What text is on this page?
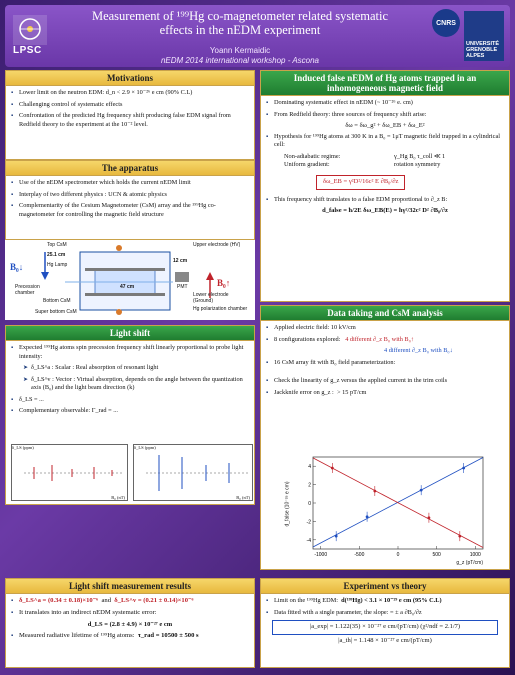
LPSC
Measurement of ¹⁹⁹Hg co-magnetometer related systematic effects in the nEDM experiment
Yoann Kermaidic
nEDM 2014 international workshop - Ascona
CNRS
UNIVERSITÉ GRENOBLE ALPES
Motivations
▪ Lower limit on the neutron EDM: d_n < 2.9 × 10⁻²⁶ e cm (90% C.L)
▪ Challenging control of systematic effects
▪ Confrontation of the predicted Hg frequency shift producing false EDM signal from Redfield theory to the experiment at the 10⁻² level.
The apparatus
▪ Use of the nEDM spectrometer which holds the current nEDM limit
▪ Interplay of two different physics : UCN & atomic physics
▪ Complementarity of the Cesium Magnetometer (CsM) array and the ¹⁹⁹Hg co-magnetometer for controlling the magnetic field structure
Top CsM
25.1 cm
Hg Lamp
Precession chamber
Bottom CsM
Super bottom CsM
47 cm
12 cm
Upper electrode (HV)
PMT
Lower electrode (Ground)
Hg polarization chamber
B₀↓
B₀↑
Light shift
▪ Expected ¹⁹⁹Hg atoms spin precession frequency shift linearly proportional to probe light intensity:
➤ δ_LS^a : Scalar : Real absorption of resonant light
➤ δ_LS^v : Vector : Virtual absorption, depends on the angle between the quantization axis (B₀) and the light beam direction (k)
▪ δ_LS = ...
▪ Complementary observable: Γ_rad = ...
δ_LS (ppm)
B₀ (nT)
δ_LS (ppm)
B₀ (nT)
Light shift measurement results
▪ δ_LS^a = (0.34 ± 0.18)×10⁻⁶
and
δ_LS^v = (0.21 ± 0.14)×10⁻⁶
▪ It translates into an indirect nEDM systematic error:
d_LS = (2.8 ± 4.9) × 10⁻²⁷ e cm
▪ Measured radiative lifetime of ¹⁹⁹Hg atoms:
τ_rad = 10500 ± 500 s
Induced false nEDM of Hg atoms trapped in an inhomogeneous magnetic field
▪ Dominating systematic effect in nEDM (~ 10⁻²⁶ e. cm)
▪ From Redfield theory: three sources of frequency shift arise:
δω = δω_g² + δω_EB + δω_E²
▪ Hypothesis for ¹⁹⁹Hg atoms at 300 K in a B₀ = 1μT magnetic field trapped in a cylindrical cell:
Non-adiabatic regime:	γ_Hg B₀ τ_coll ≪ 1
Uniform gradient:	rotation symmetry
δω_EB = γ²D²/16c² E ∂B₀/∂z
▪ This frequency shift translates to a false EDM proportional to ∂_z B:
d_false = ħ/2E δω_EB(E) = ħγ²/32c² D² ∂B₀/∂z
Data taking and CsM analysis
▪ Applied electric field: 10 kV/cm
▪ 8 configurations explored:
4 different ∂_z B₀ with B₀↑
4 different ∂_z B₀ with B₀↓
▪ 16 CsM array fit with B₀ field parameterization:
▪ Check the linearity of g_z versus the applied current in the trim coils
▪ Jackknife error on g_z :
> 15 pT/cm
-1000	-500	0	500	1000
-4
-2
0
2
4
d_false (10⁻²⁶ e cm)
g_z (pT/cm)
Experiment vs theory
▪ Limit on the ¹⁹⁹Hg EDM:
d(¹⁹⁹Hg) < 3.1 × 10⁻²⁹ e cm (95% C.L)
▪ Data fitted with a single parameter, the slope:
= ± a ∂B₀/∂z
|a_exp| = 1.122(35) × 10⁻²⁷ e cm/(pT/cm) (χ²/ndf = 2.1/7)
|a_th| = 1.148 × 10⁻²⁷ e cm/(pT/cm)
